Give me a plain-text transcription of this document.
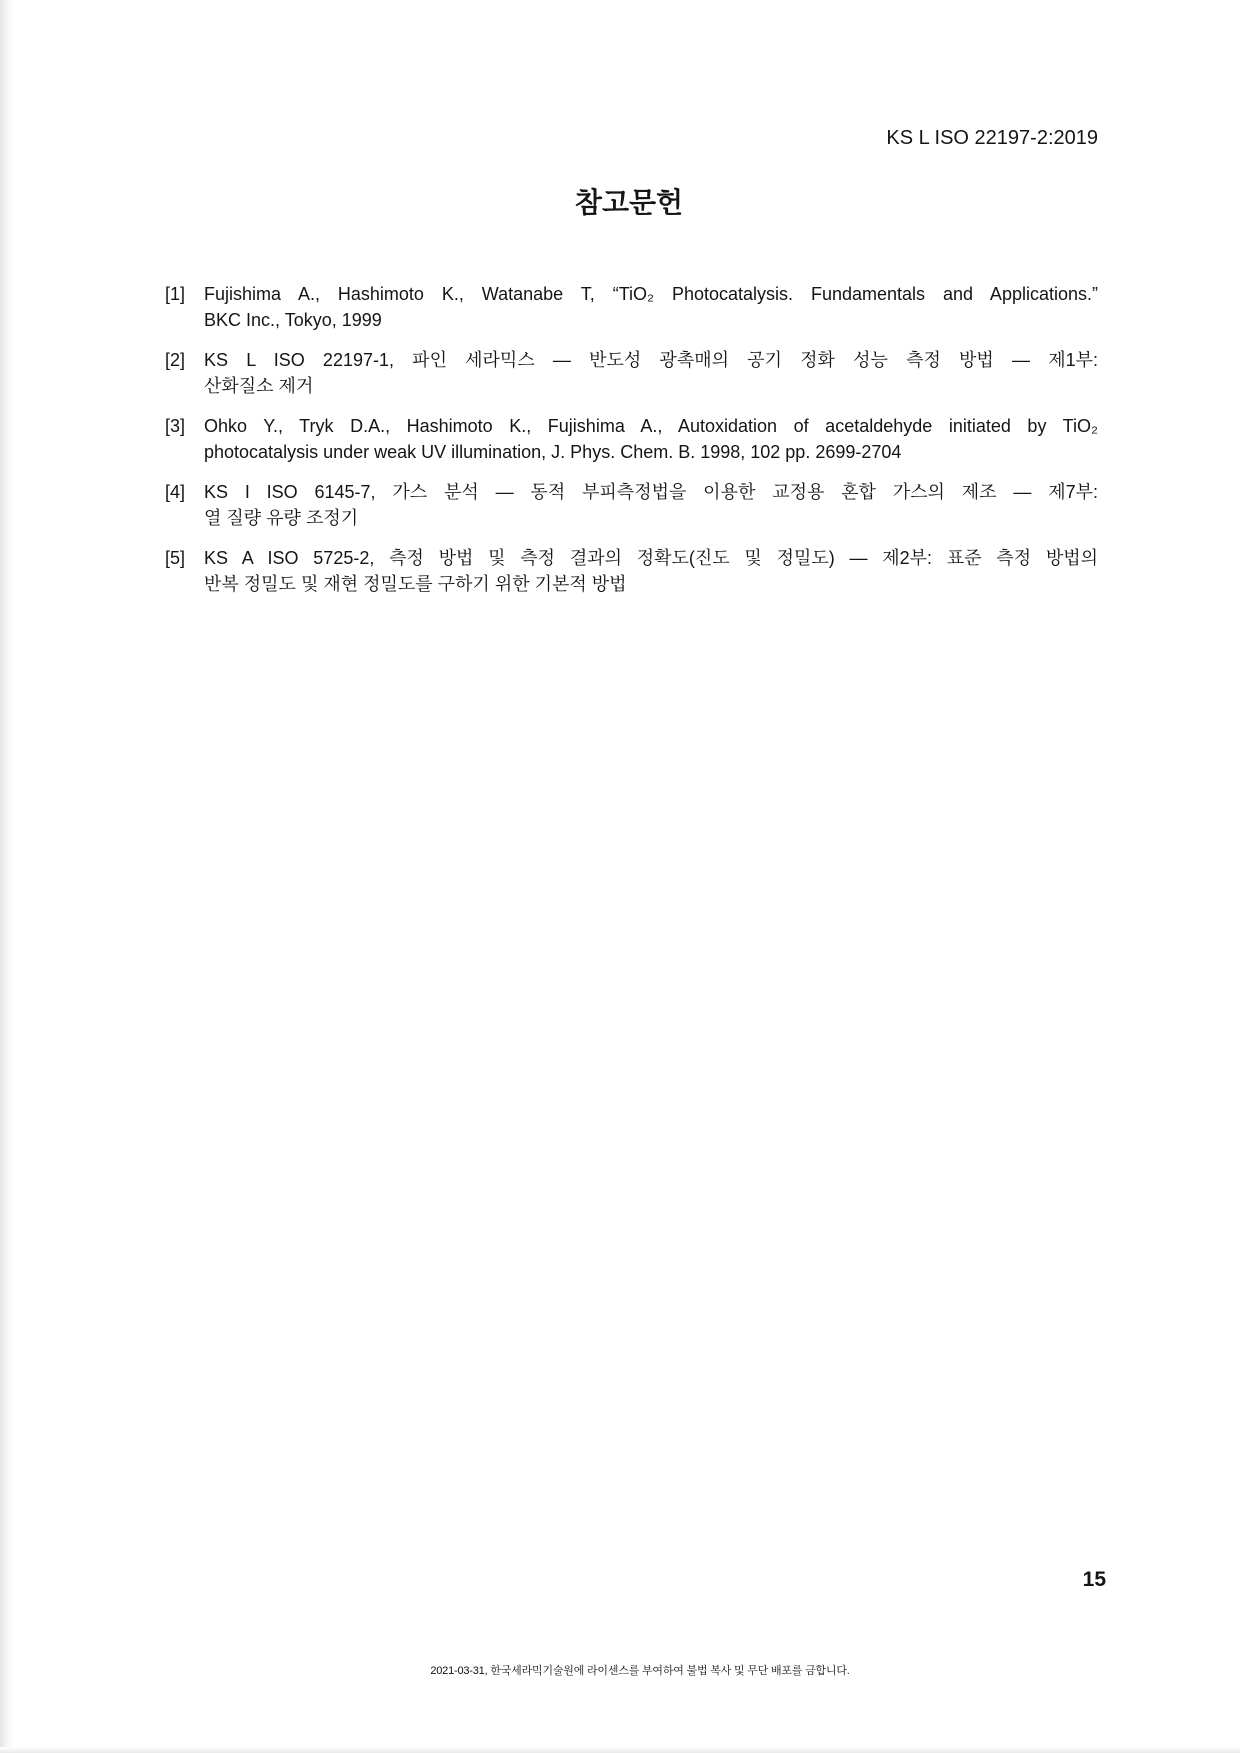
KS L ISO 22197-2:2019
참고문헌
[1]	Fujishima A., Hashimoto K., Watanabe T, “TiO₂ Photocatalysis. Fundamentals and Applications.”
BKC Inc., Tokyo, 1999
[2]	KS L ISO 22197-1, 파인 세라믹스 — 반도성 광촉매의 공기 정화 성능 측정 방법 — 제1부:
산화질소 제거
[3]	Ohko Y., Tryk D.A., Hashimoto K., Fujishima A., Autoxidation of acetaldehyde initiated by TiO₂
photocatalysis under weak UV illumination, J. Phys. Chem. B. 1998, 102 pp. 2699-2704
[4]	KS I ISO 6145-7, 가스 분석 — 동적 부피측정법을 이용한 교정용 혼합 가스의 제조 — 제7부:
열 질량 유량 조정기
[5]	KS A ISO 5725-2, 측정 방법 및 측정 결과의 정확도(진도 및 정밀도) — 제2부: 표준 측정 방법의
반복 정밀도 및 재현 정밀도를 구하기 위한 기본적 방법
15
2021-03-31, 한국세라믹기술원에 라이센스를 부여하여 불법 복사 및 무단 배포를 금합니다.
